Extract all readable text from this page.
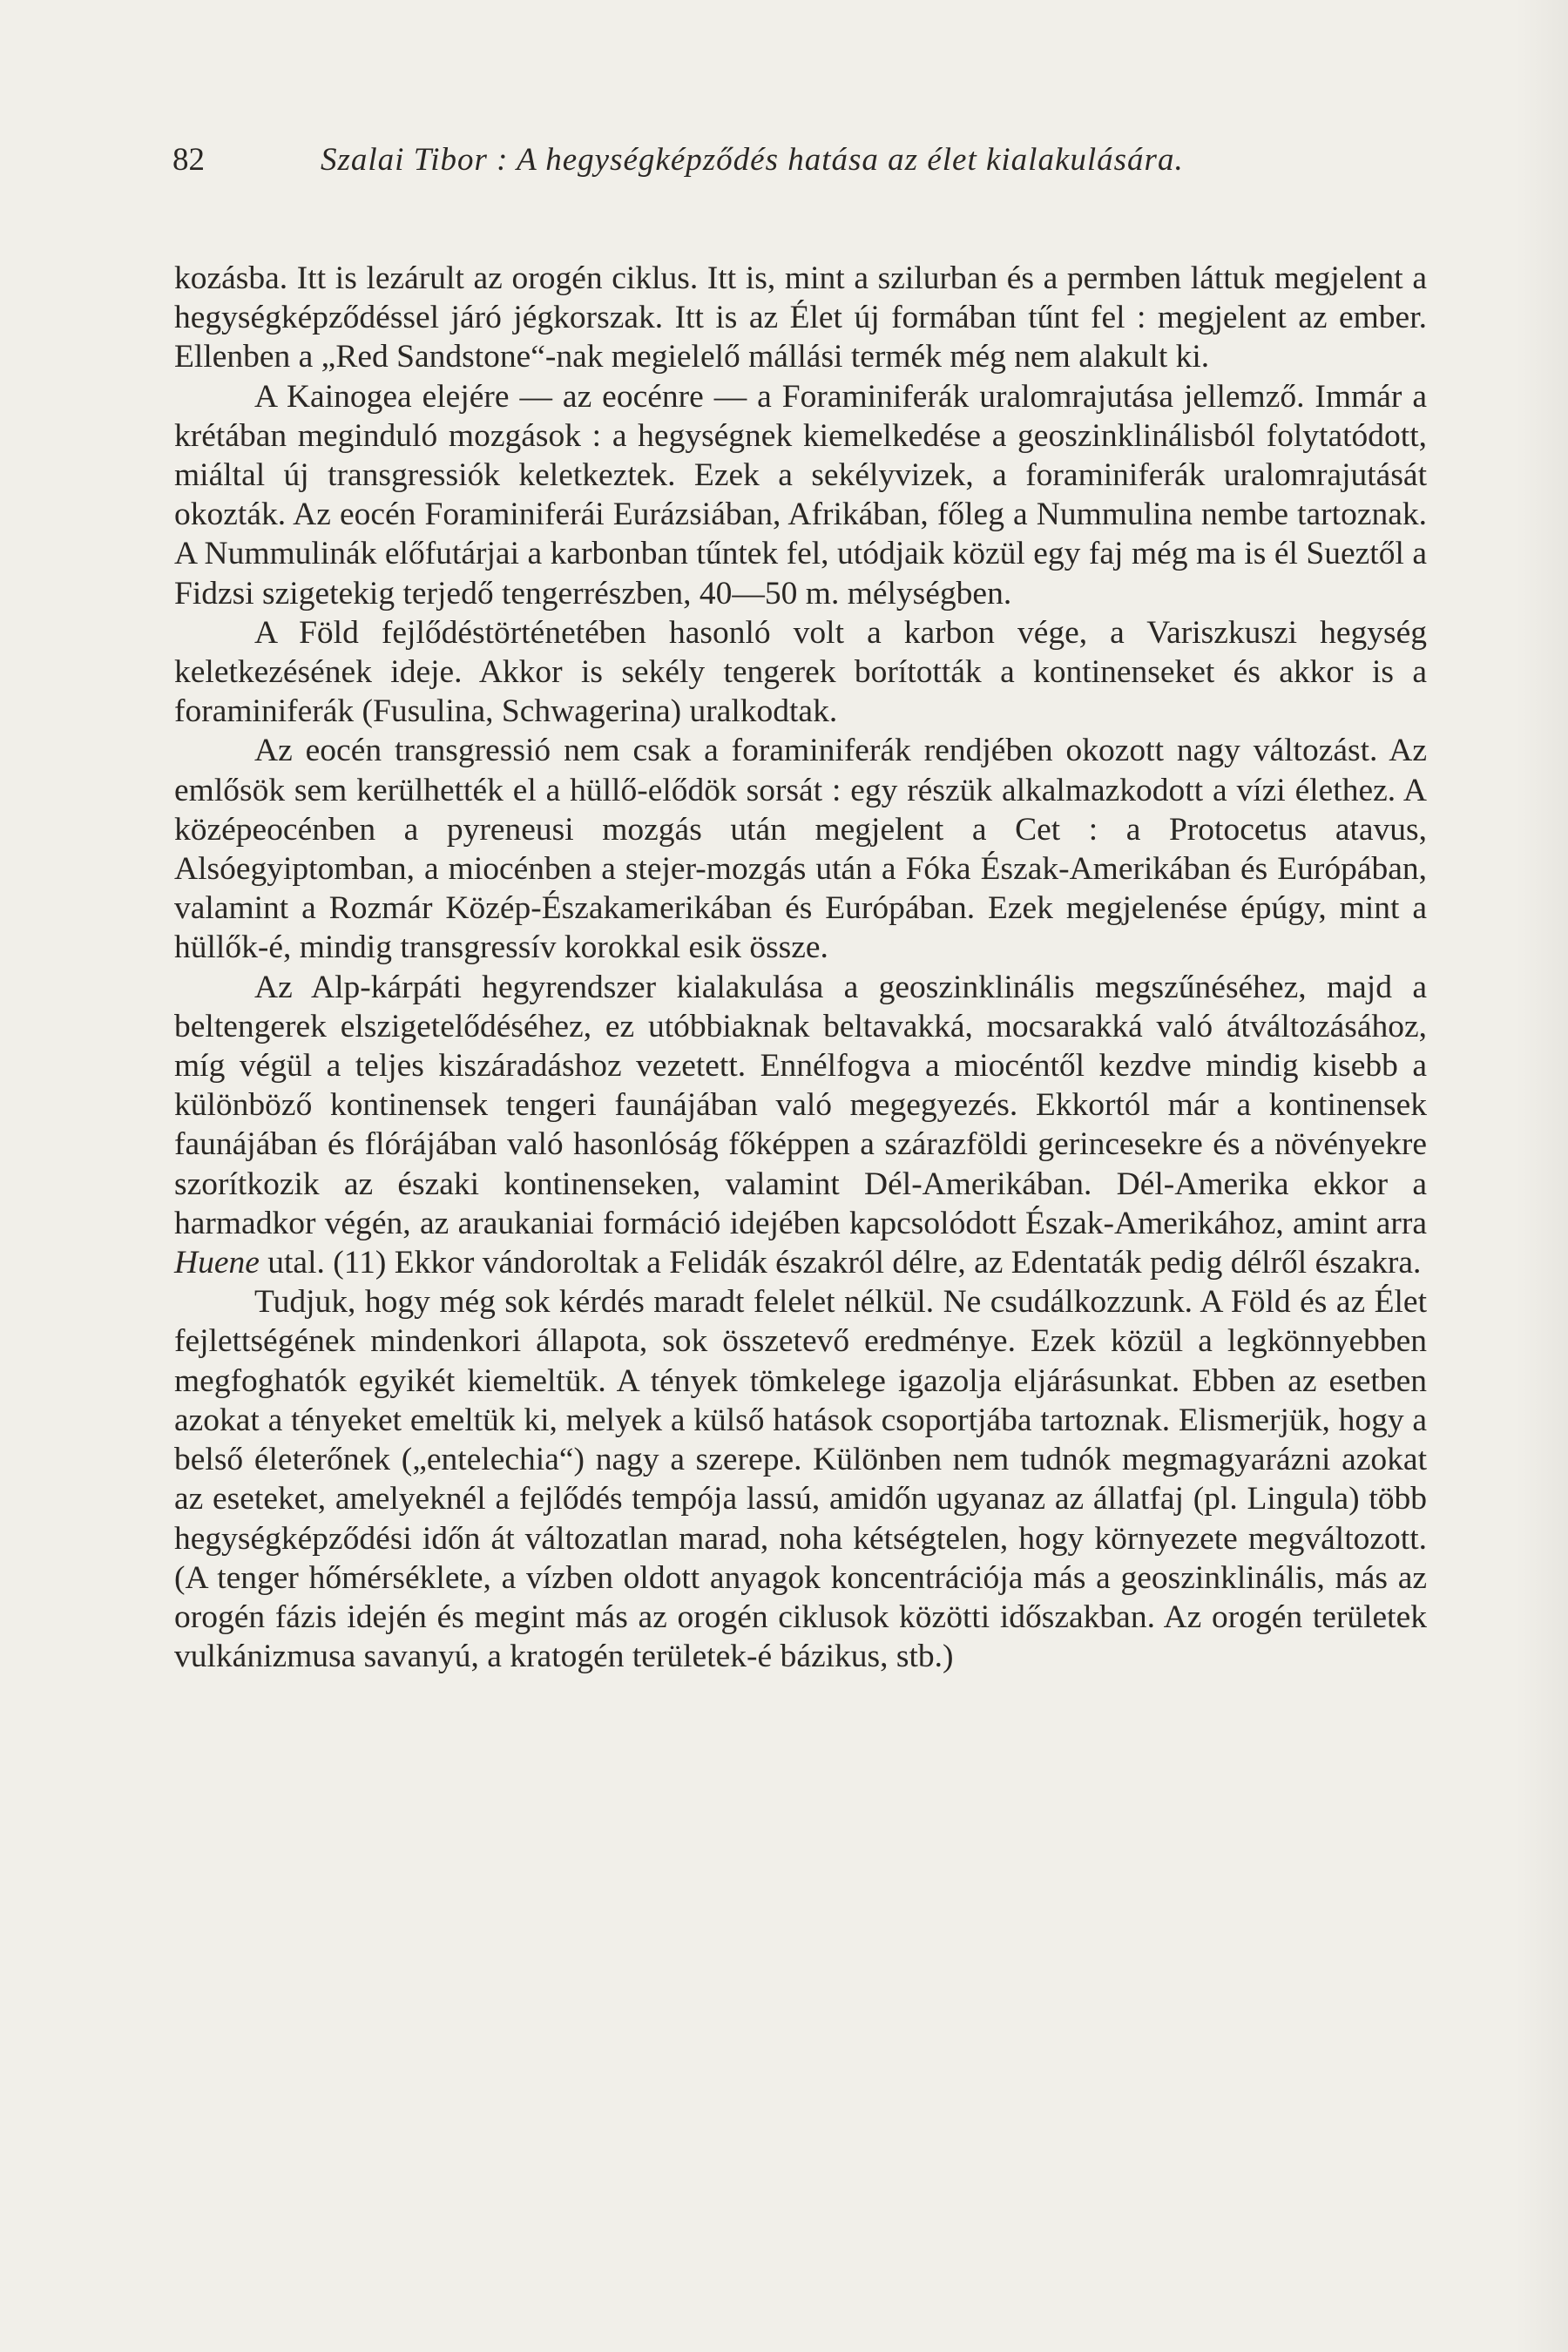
82	Szalai Tibor : A hegységképződés hatása az élet kialakulására.

kozásba. Itt is lezárult az orogén ciklus. Itt is, mint a szilurban és a permben láttuk megjelent a hegységképződéssel járó jégkorszak. Itt is az Élet új formában tűnt fel : megjelent az ember. Ellenben a „Red Sandstone“-nak megielelő mállási termék még nem alakult ki.

A Kainogea elejére — az eocénre — a Foraminiferák uralomrajutása jellemző. Immár a krétában meginduló mozgások : a hegységnek kiemelkedése a geoszinklinálisból folytatódott, miáltal új transgressiók keletkeztek. Ezek a sekélyvizek, a foraminiferák uralomrajutását okozták. Az eocén Foraminiferái Eurázsiában, Afrikában, főleg a Nummulina nembe tartoznak. A Nummulinák előfutárjai a karbonban tűntek fel, utódjaik közül egy faj még ma is él Sueztől a Fidzsi szigetekig terjedő tengerrészben, 40—50 m. mélységben.

A Föld fejlődéstörténetében hasonló volt a karbon vége, a Variszkuszi hegység keletkezésének ideje. Akkor is sekély tengerek borították a kontinenseket és akkor is a foraminiferák (Fusulina, Schwagerina) uralkodtak.

Az eocén transgressió nem csak a foraminiferák rendjében okozott nagy változást. Az emlősök sem kerülhették el a hüllő-elődök sorsát : egy részük alkalmazkodott a vízi élethez. A középeocénben a pyreneusi mozgás után megjelent a Cet : a Protocetus atavus, Alsóegyiptomban, a miocénben a stejer-mozgás után a Fóka Észak-Amerikában és Európában, valamint a Rozmár Közép-Északamerikában és Európában. Ezek megjelenése épúgy, mint a hüllők-é, mindig transgressív korokkal esik össze.

Az Alp-kárpáti hegyrendszer kialakulása a geoszinklinális megszűnéséhez, majd a beltengerek elszigetelődéséhez, ez utóbbiaknak beltavakká, mocsarakká való átváltozásához, míg végül a teljes kiszáradáshoz vezetett. Ennélfogva a miocéntől kezdve mindig kisebb a különböző kontinensek tengeri faunájában való megegyezés. Ekkortól már a kontinensek faunájában és flórájában való hasonlóság főképpen a szárazföldi gerincesekre és a növényekre szorítkozik az északi kontinenseken, valamint Dél-Amerikában. Dél-Amerika ekkor a harmadkor végén, az araukaniai formáció idejében kapcsolódott Észak-Amerikához, amint arra Huene utal. (11) Ekkor vándoroltak a Felidák északról délre, az Edentaták pedig délről északra.

Tudjuk, hogy még sok kérdés maradt felelet nélkül. Ne csudálkozzunk. A Föld és az Élet fejlettségének mindenkori állapota, sok összetevő eredménye. Ezek közül a legkönnyebben megfoghatók egyikét kiemeltük. A tények tömkelege igazolja eljárásunkat. Ebben az esetben azokat a tényeket emeltük ki, melyek a külső hatások csoportjába tartoznak. Elismerjük, hogy a belső életerőnek („entelechia“) nagy a szerepe. Különben nem tudnók megmagyarázni azokat az eseteket, amelyeknél a fejlődés tempója lassú, amidőn ugyanaz az állatfaj (pl. Lingula) több hegységképződési időn át változatlan marad, noha kétségtelen, hogy környezete megváltozott. (A tenger hőmérséklete, a vízben oldott anyagok koncentrációja más a geoszinklinális, más az orogén fázis idején és megint más az orogén ciklusok közötti időszakban. Az orogén területek vulkánizmusa savanyú, a kratogén területek-é bázikus, stb.)
